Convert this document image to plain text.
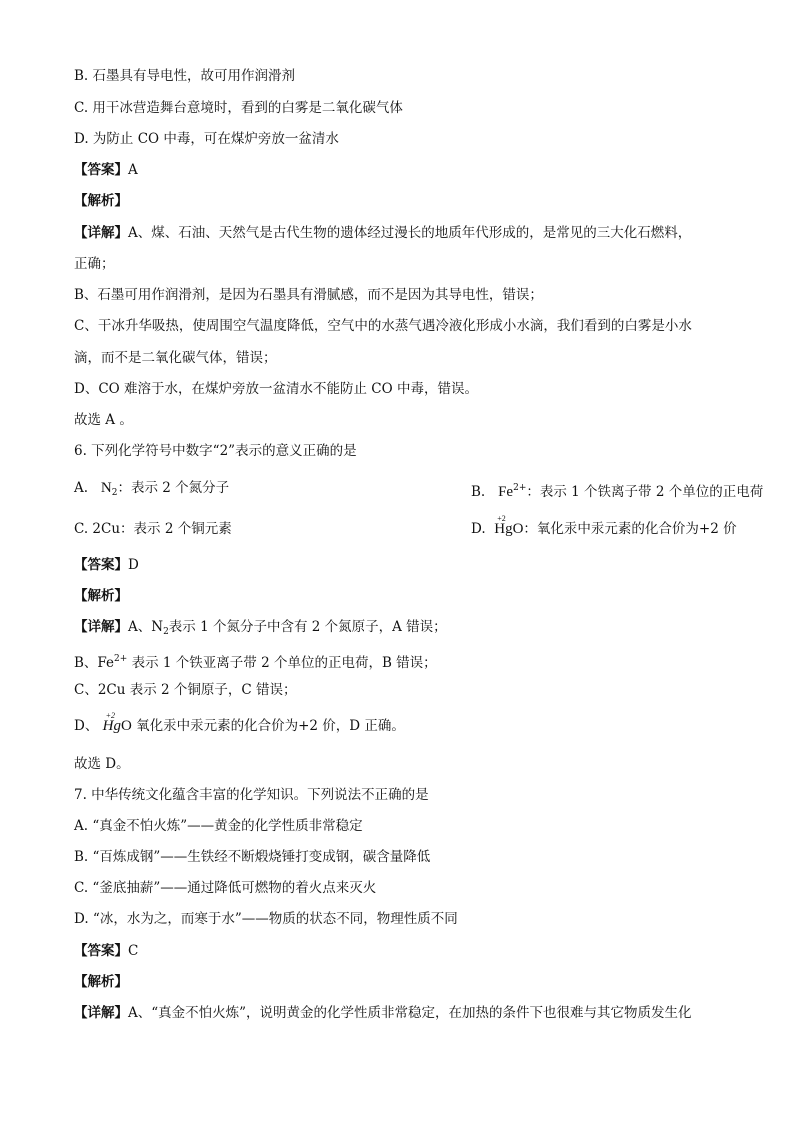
B. 石墨具有导电性，故可用作润滑剂
C. 用干冰营造舞台意境时，看到的白雾是二氧化碳气体
D. 为防止 CO 中毒，可在煤炉旁放一盆清水
【答案】A
【解析】
【详解】A、煤、石油、天然气是古代生物的遗体经过漫长的地质年代形成的，是常见的三大化石燃料，
正确；
B、石墨可用作润滑剂，是因为石墨具有滑腻感，而不是因为其导电性，错误；
C、干冰升华吸热，使周围空气温度降低，空气中的水蒸气遇冷液化形成小水滴，我们看到的白雾是小水
滴，而不是二氧化碳气体，错误；
D、CO 难溶于水，在煤炉旁放一盆清水不能防止 CO 中毒，错误。
故选 A 。
6. 下列化学符号中数字“2”表示的意义正确的是
A. $N_2$：表示 2 个氮分子	B. $Fe^{2+}$：表示 1 个铁离子带 2 个单位的正电荷
C. 2Cu：表示 2 个铜元素	D.
+2
HgO：氧化汞中汞元素的化合价为+2 价
【答案】D
【解析】
【详解】A、$N_2$表示 1 个氮分子中含有 2 个氮原子，A 错误；
B、$Fe^{2+}$ 表示 1 个铁亚离子带 2 个单位的正电荷，B 错误；
C、2Cu 表示 2 个铜原子，C 错误；
D、
+2
HgO 氧化汞中汞元素的化合价为+2 价，D 正确。
故选 D。
7. 中华传统文化蕴含丰富的化学知识。下列说法不正确的是
A. “真金不怕火炼”——黄金的化学性质非常稳定
B. “百炼成钢”——生铁经不断煅烧锤打变成钢，碳含量降低
C. “釜底抽薪”——通过降低可燃物的着火点来灭火
D. “冰，水为之，而寒于水”——物质的状态不同，物理性质不同
【答案】C
【解析】
【详解】A、“真金不怕火炼”，说明黄金的化学性质非常稳定，在加热的条件下也很难与其它物质发生化
